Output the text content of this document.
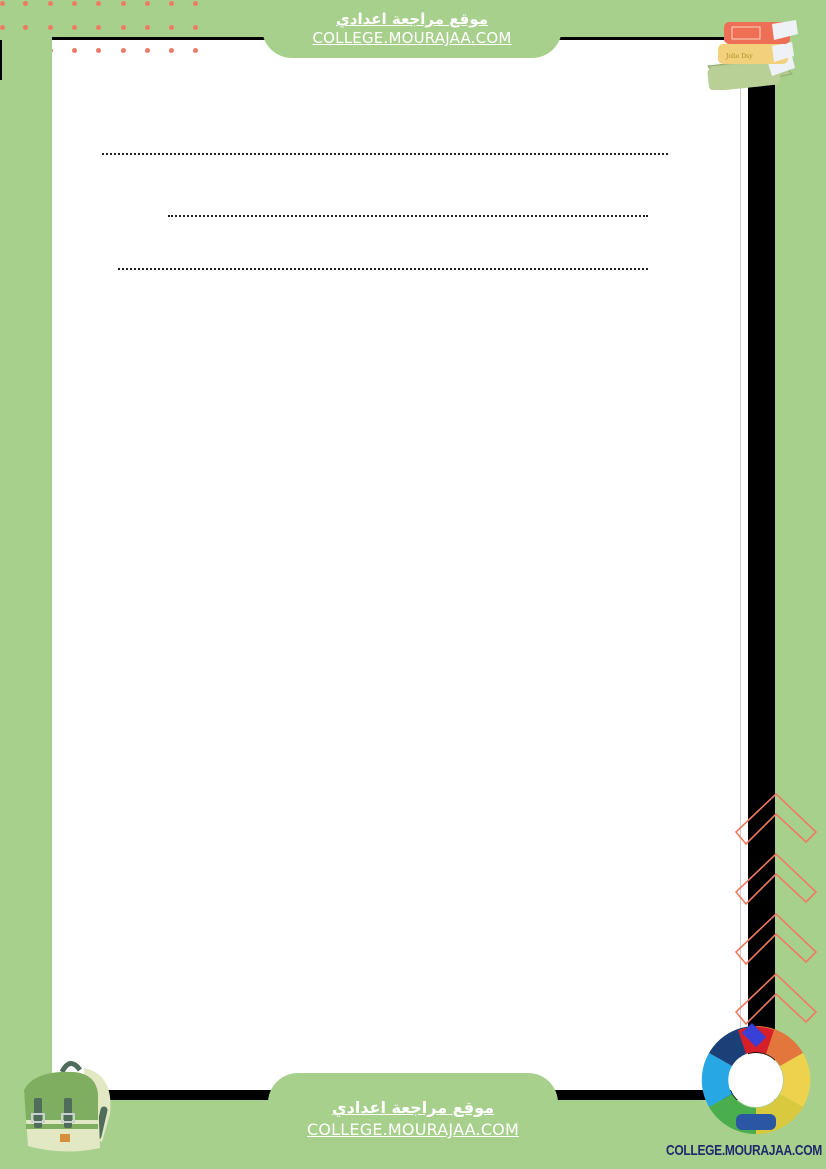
موقع مراجعة اعدادي
COLLEGE.MOURAJAA.COM
Jolie Dsy
موقع مراجعة اعدادي
COLLEGE.MOURAJAA.COM
COLLEGE.MOURAJAA.COM
